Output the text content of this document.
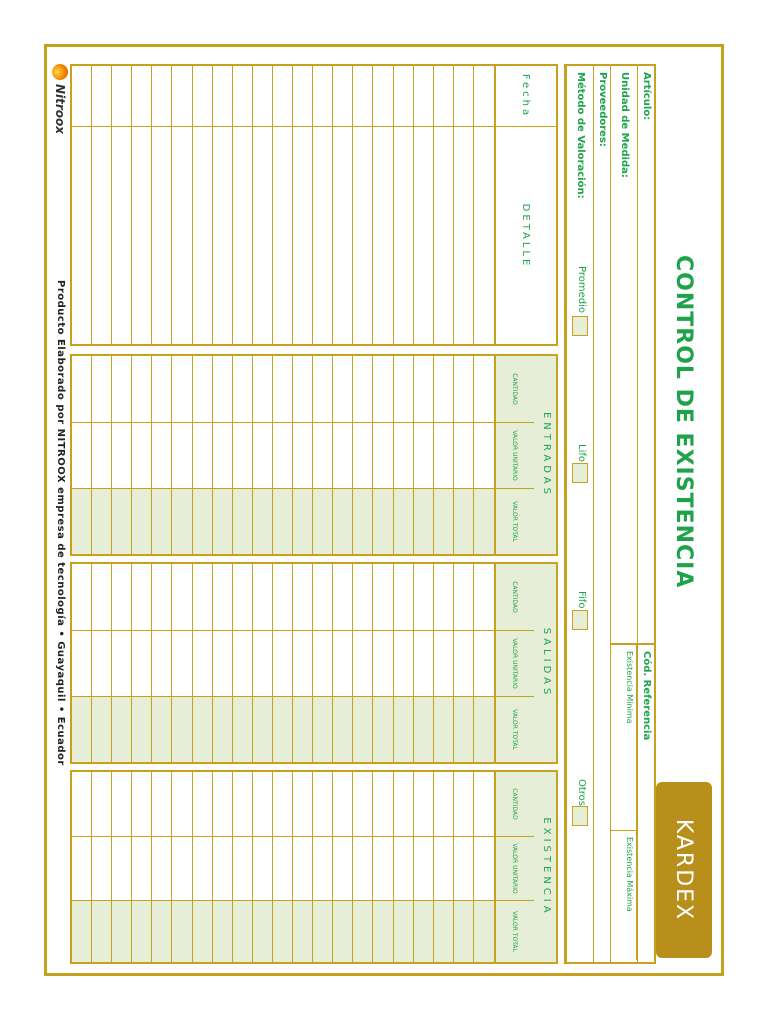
CONTROL DE EXISTENCIA
KARDEX
Artículo:
Unidad de Medida:
Proveedores:
Método de Valoración:
Cód. Referencia
Existencia Mínima
Existencia Máxima
Promedio
Lifo
Fifo
Otros
Fecha
DETALLE
ENTRADAS
CANTIDAD
VALOR UNITARIO
VALOR TOTAL
SALIDAS
CANTIDAD
VALOR UNITARIO
VALOR TOTAL
EXISTENCIA
CANTIDAD
VALOR UNITARIO
VALOR TOTAL
Nitroox
Producto Elaborado por NITROOX empresa de tecnología • Guayaquil • Ecuador
